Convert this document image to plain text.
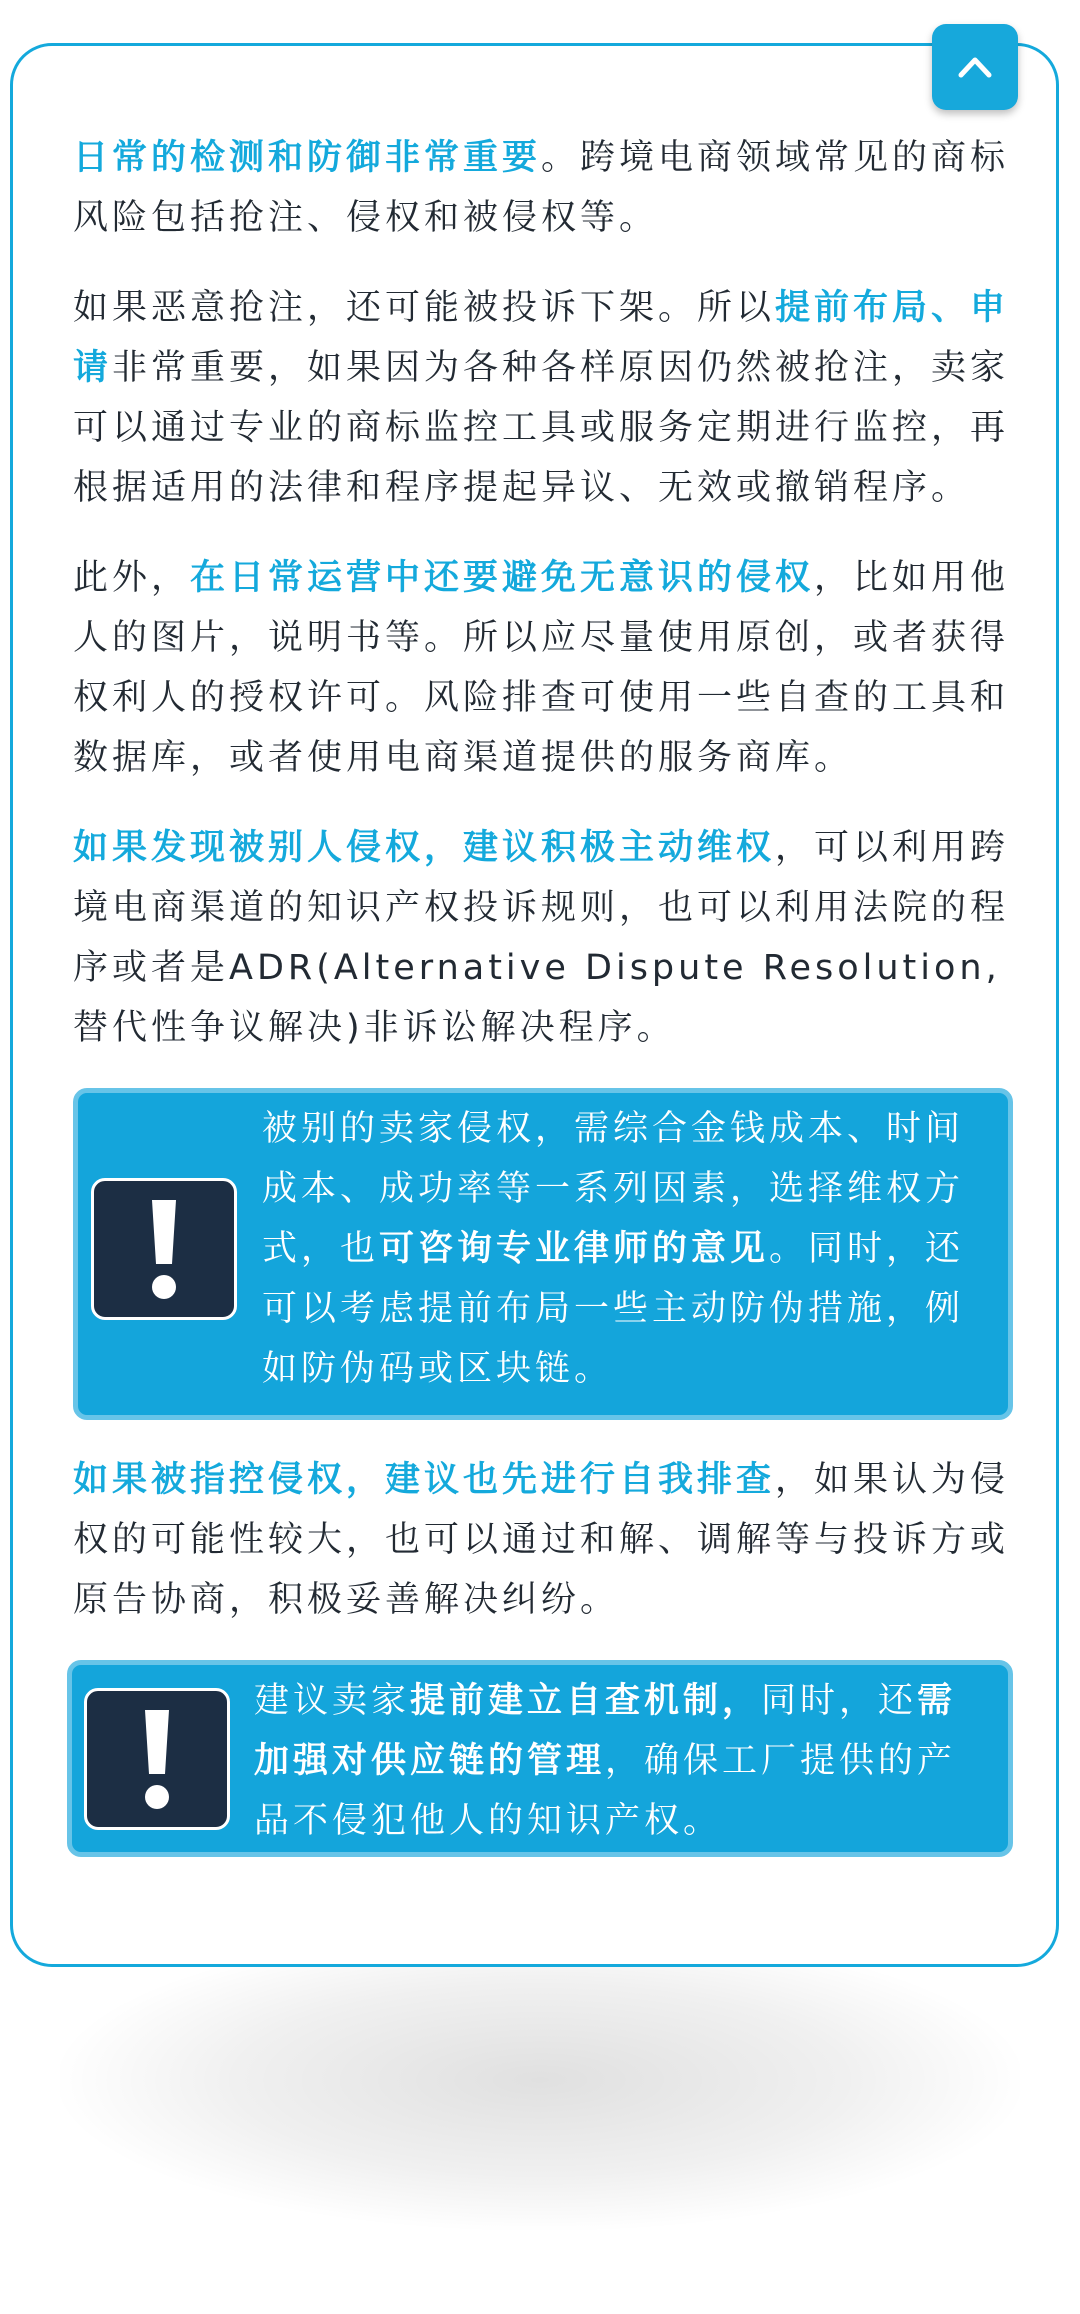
日常的检测和防御非常重要。跨境电商领域常见的商标风险包括抢注、侵权和被侵权等。

如果恶意抢注，还可能被投诉下架。所以提前布局、申请非常重要，如果因为各种各样原因仍然被抢注，卖家可以通过专业的商标监控工具或服务定期进行监控，再根据适用的法律和程序提起异议、无效或撤销程序。

此外，在日常运营中还要避免无意识的侵权，比如用他人的图片，说明书等。所以应尽量使用原创，或者获得权利人的授权许可。风险排查可使用一些自查的工具和数据库，或者使用电商渠道提供的服务商库。

如果发现被别人侵权，建议积极主动维权，可以利用跨境电商渠道的知识产权投诉规则，也可以利用法院的程序或者是ADR(Alternative Dispute Resolution,替代性争议解决)非诉讼解决程序。

被别的卖家侵权，需综合金钱成本、时间成本、成功率等一系列因素，选择维权方式，也可咨询专业律师的意见。同时，还可以考虑提前布局一些主动防伪措施，例如防伪码或区块链。

如果被指控侵权，建议也先进行自我排查，如果认为侵权的可能性较大，也可以通过和解、调解等与投诉方或原告协商，积极妥善解决纠纷。

建议卖家提前建立自查机制，同时，还需加强对供应链的管理，确保工厂提供的产品不侵犯他人的知识产权。
